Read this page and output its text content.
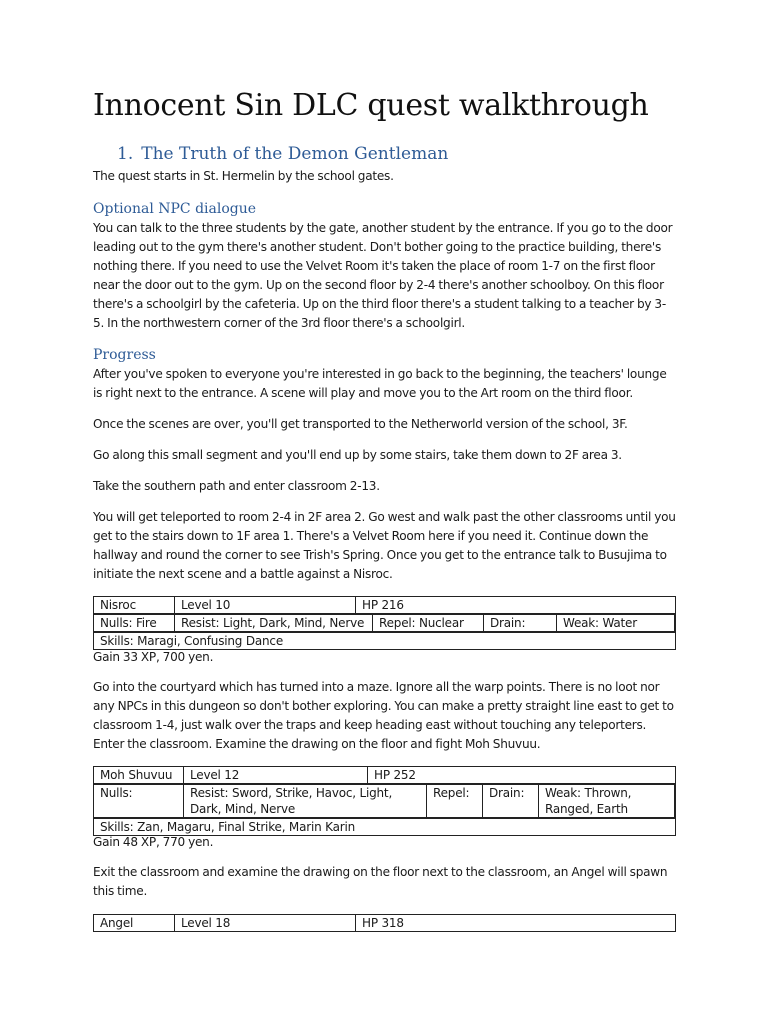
Innocent Sin DLC quest walkthrough
1. The Truth of the Demon Gentleman

The quest starts in St. Hermelin by the school gates.

Optional NPC dialogue

You can talk to the three students by the gate, another student by the entrance. If you go to the door leading out to the gym there's another student. Don't bother going to the practice building, there's nothing there. If you need to use the Velvet Room it's taken the place of room 1-7 on the first floor near the door out to the gym. Up on the second floor by 2-4 there's another schoolboy. On this floor there's a schoolgirl by the cafeteria. Up on the third floor there's a student talking to a teacher by 3-5. In the northwestern corner of the 3rd floor there's a schoolgirl.

Progress

After you've spoken to everyone you're interested in go back to the beginning, the teachers' lounge is right next to the entrance. A scene will play and move you to the Art room on the third floor.

Once the scenes are over, you'll get transported to the Netherworld version of the school, 3F.

Go along this small segment and you'll end up by some stairs, take them down to 2F area 3.

Take the southern path and enter classroom 2-13.

You will get teleported to room 2-4 in 2F area 2. Go west and walk past the other classrooms until you get to the stairs down to 1F area 1. There's a Velvet Room here if you need it. Continue down the hallway and round the corner to see Trish's Spring. Once you get to the entrance talk to Busujima to initiate the next scene and a battle against a Nisroc.

Nisroc	Level 10	HP 216

Nulls: Fire	Resist: Light, Dark, Mind, Nerve	Repel: Nuclear	Drain:	Weak: Water

Skills: Maragi, Confusing Dance

Gain 33 XP, 700 yen.

Go into the courtyard which has turned into a maze. Ignore all the warp points. There is no loot nor any NPCs in this dungeon so don't bother exploring. You can make a pretty straight line east to get to classroom 1-4, just walk over the traps and keep heading east without touching any teleporters. Enter the classroom. Examine the drawing on the floor and fight Moh Shuvuu.

Moh Shuvuu	Level 12	HP 252

Nulls:	Resist: Sword, Strike, Havoc, Light, Dark, Mind, Nerve	Repel:	Drain:	Weak: Thrown, Ranged, Earth

Skills: Zan, Magaru, Final Strike, Marin Karin

Gain 48 XP, 770 yen.

Exit the classroom and examine the drawing on the floor next to the classroom, an Angel will spawn this time.

Angel	Level 18	HP 318
